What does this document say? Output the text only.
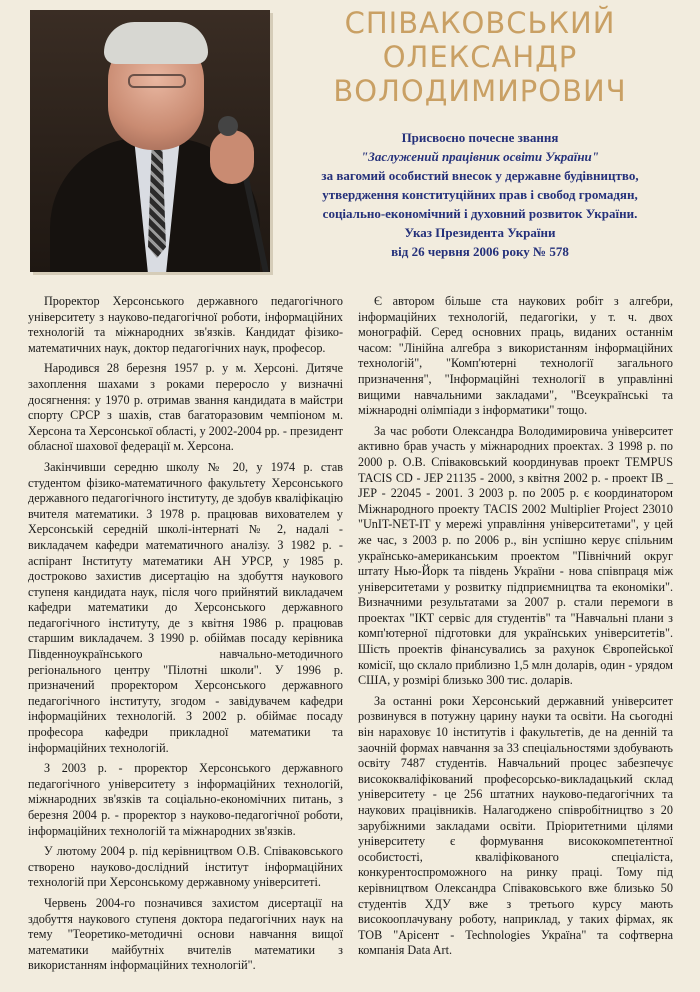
СПІВАКОВСЬКИЙ
ОЛЕКСАНДР
ВОЛОДИМИРОВИЧ
Присвоєно почесне звання
"Заслужений працівник освіти України"
за вагомий особистий внесок у державне будівництво,
утвердження конституційних прав і свобод громадян,
соціально-економічний і духовний розвиток України.
Указ Президента України
від 26 червня 2006 року № 578

Проректор Херсонського державного педагогічного університету з науково-педагогічної роботи, інформаційних технологій та міжнародних зв'язків. Кандидат фізико-математичних наук, доктор педагогічних наук, професор.

Народився 28 березня 1957 р. у м. Херсоні. Дитяче захоплення шахами з роками переросло у визначні досягнення: у 1970 р. отримав звання кандидата в майстри спорту СРСР з шахів, став багаторазовим чемпіоном м. Херсона та Херсонської області, у 2002-2004 рр. - президент обласної шахової федерації м. Херсона.

Закінчивши середню школу № 20, у 1974 р. став студентом фізико-математичного факультету Херсонського державного педагогічного інституту, де здобув кваліфікацію вчителя математики. З 1978 р. працював вихователем у Херсонській середній школі-інтернаті № 2, надалі - викладачем кафедри математичного аналізу. З 1982 р. - аспірант Інституту математики АН УРСР, у 1985 р. достроково захистив дисертацію на здобуття наукового ступеня кандидата наук, після чого прийнятий викладачем кафедри математики до Херсонського державного педагогічного інституту, де з квітня 1986 р. працював старшим викладачем. З 1990 р. обіймав посаду керівника Південноукраїнського навчально-методичного регіонального центру "Пілотні школи". У 1996 р. призначений проректором Херсонського державного педагогічного інституту, згодом - завідувачем кафедри інформаційних технологій. З 2002 р. обіймає посаду професора кафедри прикладної математики та інформаційних технологій.

З 2003 р. - проректор Херсонського державного педагогічного університету з інформаційних технологій, міжнародних зв'язків та соціально-економічних питань, з березня 2004 р. - проректор з науково-педагогічної роботи, інформаційних технологій та міжнародних зв'язків.

У лютому 2004 р. під керівництвом О.В. Співаковського створено науково-дослідний інститут інформаційних технологій при Херсонському державному університеті.

Червень 2004-го позначився захистом дисертації на здобуття наукового ступеня доктора педагогічних наук на тему "Теоретико-методичні основи навчання вищої математики майбутніх вчителів математики з використанням інформаційних технологій".

Є автором більше ста наукових робіт з алгебри, інформаційних технологій, педагогіки, у т. ч. двох монографій. Серед основних праць, виданих останнім часом: "Лінійна алгебра з використанням інформаційних технологій", "Комп'ютерні технології загального призначення", "Інформаційні технології в управлінні вищими навчальними закладами", "Всеукраїнські та міжнародні олімпіади з інформатики" тощо.

За час роботи Олександра Володимировича університет активно брав участь у міжнародних проектах. З 1998 р. по 2000 р. О.В. Співаковський координував проект TEMPUS TACIS CD - JEP 21135 - 2000, з квітня 2002 р. - проект IB _ JEP - 22045 - 2001. З 2003 р. по 2005 р. є координатором Міжнародного проекту TACIS 2002 Multiplier Project 23010 "UnIT-NET-IT у мережі управління університетами", у цей же час, з 2003 р. по 2006 р., він успішно керує спільним українсько-американським проектом "Північний округ штату Нью-Йорк та південь України - нова співпраця між університетами у розвитку підприємництва та економіки". Визначними результатами за 2007 р. стали перемоги в проектах "ІКТ сервіс для студентів" та "Навчальні плани з комп'ютерної підготовки для українських університетів". Шість проектів фінансувались за рахунок Європейської комісії, що склало приблизно 1,5 млн доларів, один - урядом США, у розмірі близько 300 тис. доларів.

За останні роки Херсонський державний університет розвинувся в потужну царину науки та освіти. На сьогодні він нараховує 10 інститутів і факультетів, де на денній та заочній формах навчання за 33 спеціальностями здобувають освіту 7487 студентів. Навчальний процес забезпечує висококваліфікований професорсько-викладацький склад університету - це 256 штатних науково-педагогічних та наукових працівників. Налагоджено співробітництво з 20 зарубіжними закладами освіти. Пріоритетними цілями університету є формування висококомпетентної особистості, кваліфікованого спеціаліста, конкурентоспроможного на ринку праці. Тому під керівництвом Олександра Співаковського вже близько 50 студентів ХДУ вже з третього курсу мають високооплачувану роботу, наприклад, у таких фірмах, як ТОВ "Арісент - Technologies Україна" та софтверна компанія Data Art.
